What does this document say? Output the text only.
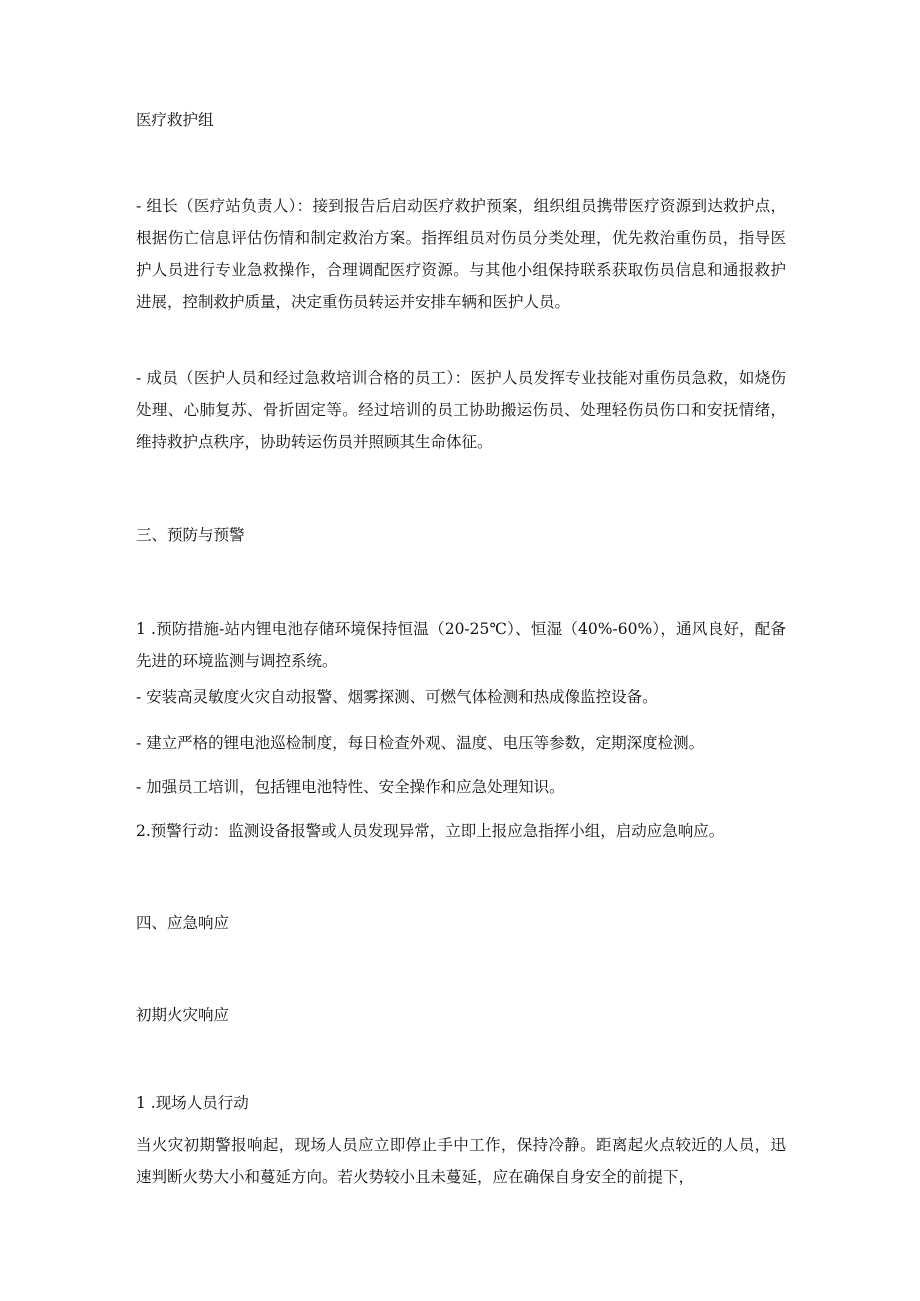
医疗救护组

- 组长（医疗站负责人）：接到报告后启动医疗救护预案，组织组员携带医疗资源到达救护点，根据伤亡信息评估伤情和制定救治方案。指挥组员对伤员分类处理，优先救治重伤员，指导医护人员进行专业急救操作，合理调配医疗资源。与其他小组保持联系获取伤员信息和通报救护进展，控制救护质量，决定重伤员转运并安排车辆和医护人员。

- 成员（医护人员和经过急救培训合格的员工）：医护人员发挥专业技能对重伤员急救，如烧伤处理、心肺复苏、骨折固定等。经过培训的员工协助搬运伤员、处理轻伤员伤口和安抚情绪，维持救护点秩序，协助转运伤员并照顾其生命体征。

三、预防与预警

1 .预防措施-站内锂电池存储环境保持恒温（20-25℃）、恒湿（40%-60%），通风良好，配备先进的环境监测与调控系统。

- 安装高灵敏度火灾自动报警、烟雾探测、可燃气体检测和热成像监控设备。

- 建立严格的锂电池巡检制度，每日检查外观、温度、电压等参数，定期深度检测。

- 加强员工培训，包括锂电池特性、安全操作和应急处理知识。

2.预警行动：监测设备报警或人员发现异常，立即上报应急指挥小组，启动应急响应。

四、应急响应

初期火灾响应

1 .现场人员行动

当火灾初期警报响起，现场人员应立即停止手中工作，保持冷静。距离起火点较近的人员，迅速判断火势大小和蔓延方向。若火势较小且未蔓延，应在确保自身安全的前提下，
